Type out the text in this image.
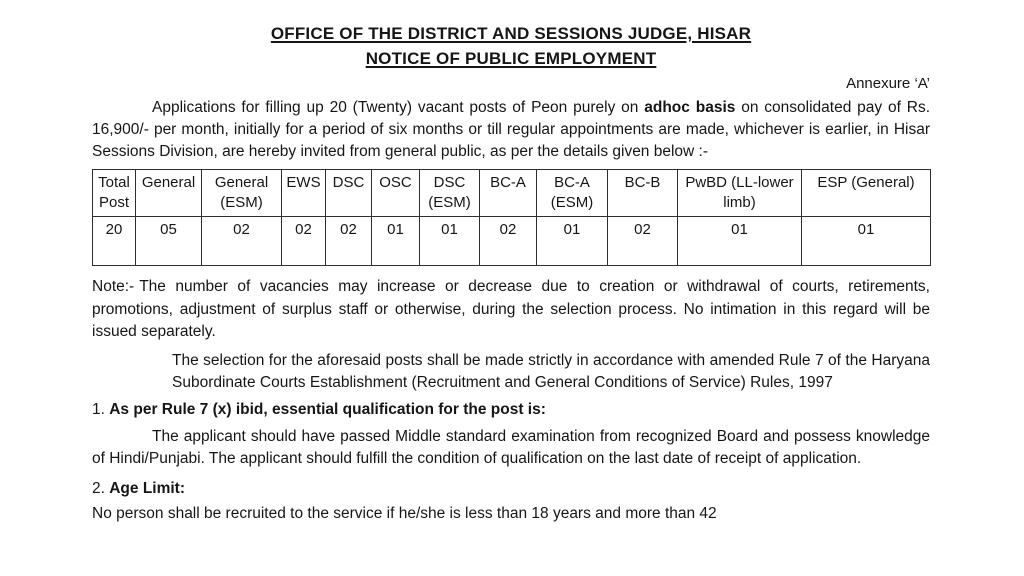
OFFICE OF THE DISTRICT AND SESSIONS JUDGE, HISAR
NOTICE OF PUBLIC EMPLOYMENT
Annexure ‘A’

Applications for filling up 20 (Twenty) vacant posts of Peon purely on adhoc basis on consolidated pay of Rs. 16,900/- per month, initially for a period of six months or till regular appointments are made, whichever is earlier, in Hisar Sessions Division, are hereby invited from general public, as per the details given below :-

Total Post	General	General (ESM)	EWS	DSC	OSC	DSC (ESM)	BC-A	BC-A (ESM)	BC-B	PwBD (LL-lower limb)	ESP (General)
20	05	02	02	02	01	01	02	01	02	01	01

Note:- The number of vacancies may increase or decrease due to creation or withdrawal of courts, retirements, promotions, adjustment of surplus staff or otherwise, during the selection process. No intimation in this regard will be issued separately.

The selection for the aforesaid posts shall be made strictly in accordance with amended Rule 7 of the Haryana Subordinate Courts Establishment (Recruitment and General Conditions of Service) Rules, 1997

1. As per Rule 7 (x) ibid, essential qualification for the post is:

The applicant should have passed Middle standard examination from recognized Board and possess knowledge of Hindi/Punjabi. The applicant should fulfill the condition of qualification on the last date of receipt of application.

2. Age Limit:

No person shall be recruited to the service if he/she is less than 18 years and more than 42
